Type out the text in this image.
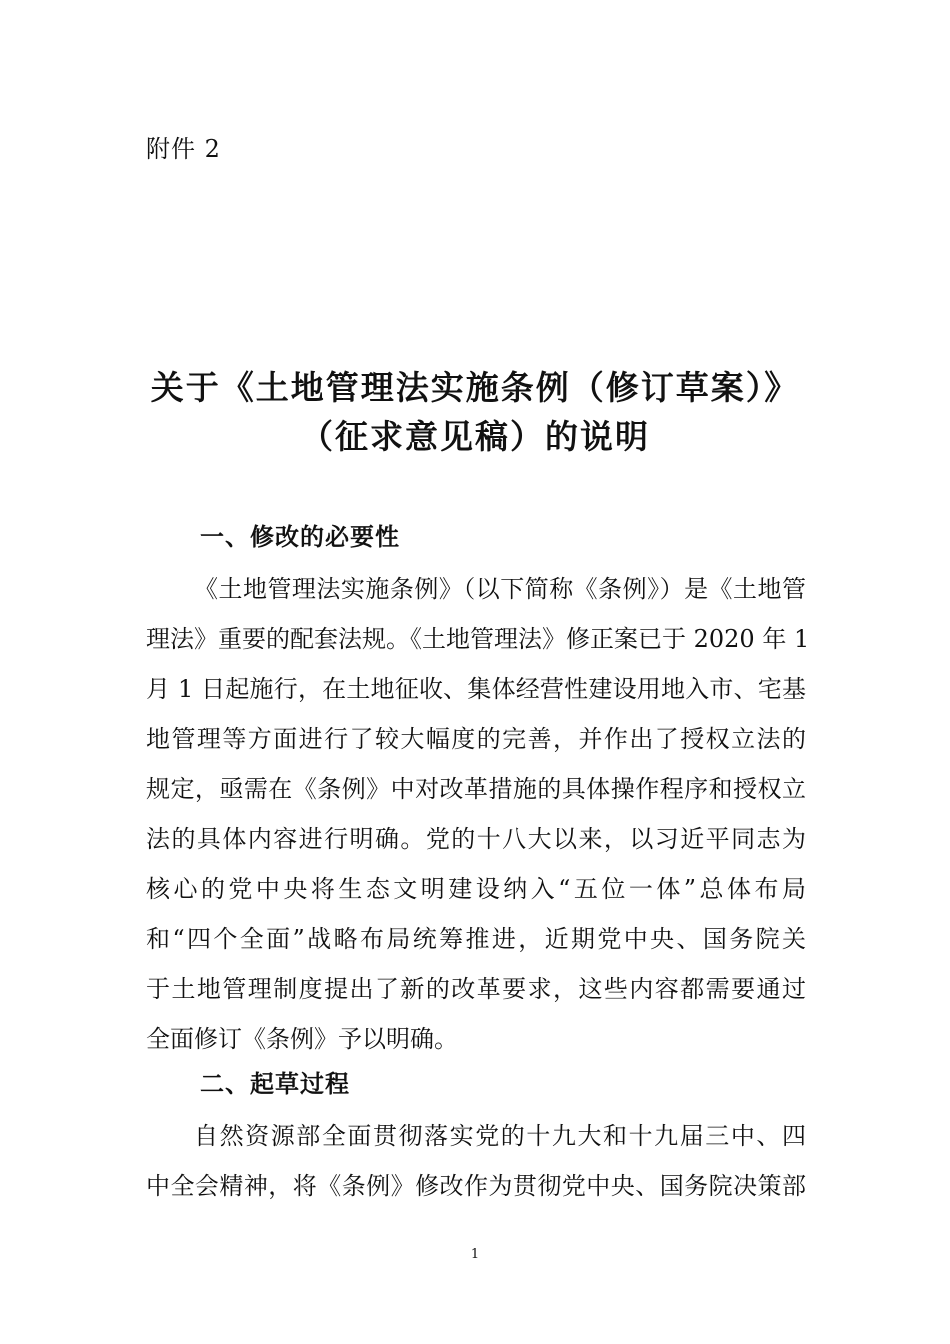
附件 2
关于《土地管理法实施条例（修订草案）》
（征求意见稿）的说明
一、修改的必要性
《土地管理法实施条例》（以下简称《条例》）是《土地管
理法》重要的配套法规。《土地管理法》修正案已于 2020 年 1
月 1 日起施行，在土地征收、集体经营性建设用地入市、宅基
地管理等方面进行了较大幅度的完善，并作出了授权立法的
规定，亟需在《条例》中对改革措施的具体操作程序和授权立
法的具体内容进行明确。党的十八大以来，以习近平同志为
核心的党中央将生态文明建设纳入“五位一体”总体布局
和“四个全面”战略布局统筹推进，近期党中央、国务院关
于土地管理制度提出了新的改革要求，这些内容都需要通过
全面修订《条例》予以明确。
二、起草过程
自然资源部全面贯彻落实党的十九大和十九届三中、四
中全会精神，将《条例》修改作为贯彻党中央、国务院决策部
1
